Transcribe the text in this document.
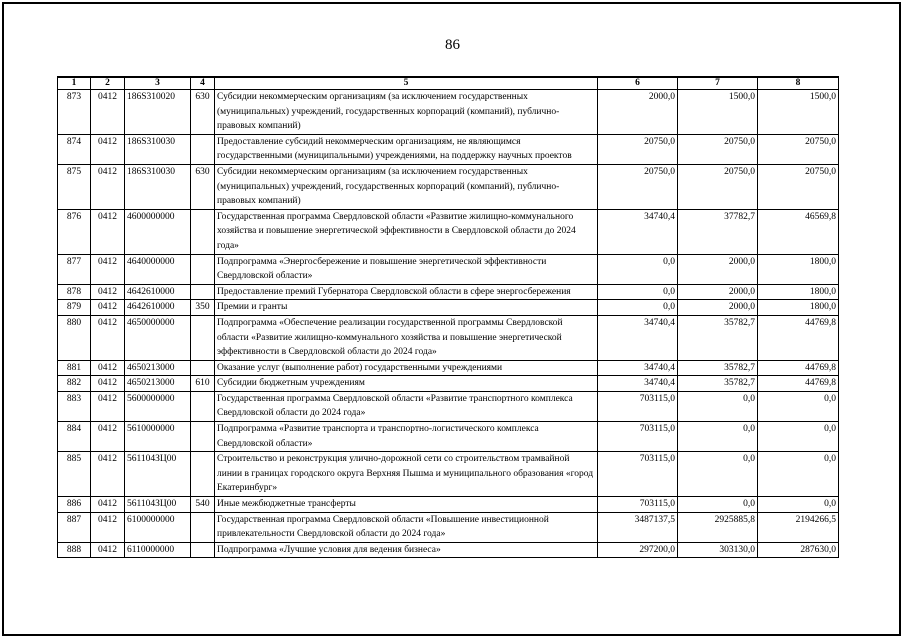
86
1	2	3	4	5	6	7	8
873	0412	186S310020	630	Субсидии некоммерческим организациям (за исключением государственных (муниципальных) учреждений, государственных корпораций (компаний), публично-правовых компаний)	2000,0	1500,0	1500,0
874	0412	186S310030		Предоставление субсидий некоммерческим организациям, не являющимся государственными (муниципальными) учреждениями, на поддержку научных проектов	20750,0	20750,0	20750,0
875	0412	186S310030	630	Субсидии некоммерческим организациям (за исключением государственных (муниципальных) учреждений, государственных корпораций (компаний), публично-правовых компаний)	20750,0	20750,0	20750,0
876	0412	4600000000		Государственная программа Свердловской области «Развитие жилищно-коммунального хозяйства и повышение энергетической эффективности в Свердловской области до 2024 года»	34740,4	37782,7	46569,8
877	0412	4640000000		Подпрограмма «Энергосбережение и повышение энергетической эффективности Свердловской области»	0,0	2000,0	1800,0
878	0412	4642610000		Предоставление премий Губернатора Свердловской области в сфере энергосбережения	0,0	2000,0	1800,0
879	0412	4642610000	350	Премии и гранты	0,0	2000,0	1800,0
880	0412	4650000000		Подпрограмма «Обеспечение реализации государственной программы Свердловской области «Развитие жилищно-коммунального хозяйства и повышение энергетической эффективности в Свердловской области до 2024 года»	34740,4	35782,7	44769,8
881	0412	4650213000		Оказание услуг (выполнение работ) государственными учреждениями	34740,4	35782,7	44769,8
882	0412	4650213000	610	Субсидии бюджетным учреждениям	34740,4	35782,7	44769,8
883	0412	5600000000		Государственная программа Свердловской области «Развитие транспортного комплекса Свердловской области до 2024 года»	703115,0	0,0	0,0
884	0412	5610000000		Подпрограмма «Развитие транспорта и транспортно-логистического комплекса Свердловской области»	703115,0	0,0	0,0
885	0412	561104ЗЦ00		Строительство и реконструкция улично-дорожной сети со строительством трамвайной линии в границах городского округа Верхняя Пышма и муниципального образования «город Екатеринбург»	703115,0	0,0	0,0
886	0412	561104ЗЦ00	540	Иные межбюджетные трансферты	703115,0	0,0	0,0
887	0412	6100000000		Государственная программа Свердловской области «Повышение инвестиционной привлекательности Свердловской области до 2024 года»	3487137,5	2925885,8	2194266,5
888	0412	6110000000		Подпрограмма «Лучшие условия для ведения бизнеса»	297200,0	303130,0	287630,0
